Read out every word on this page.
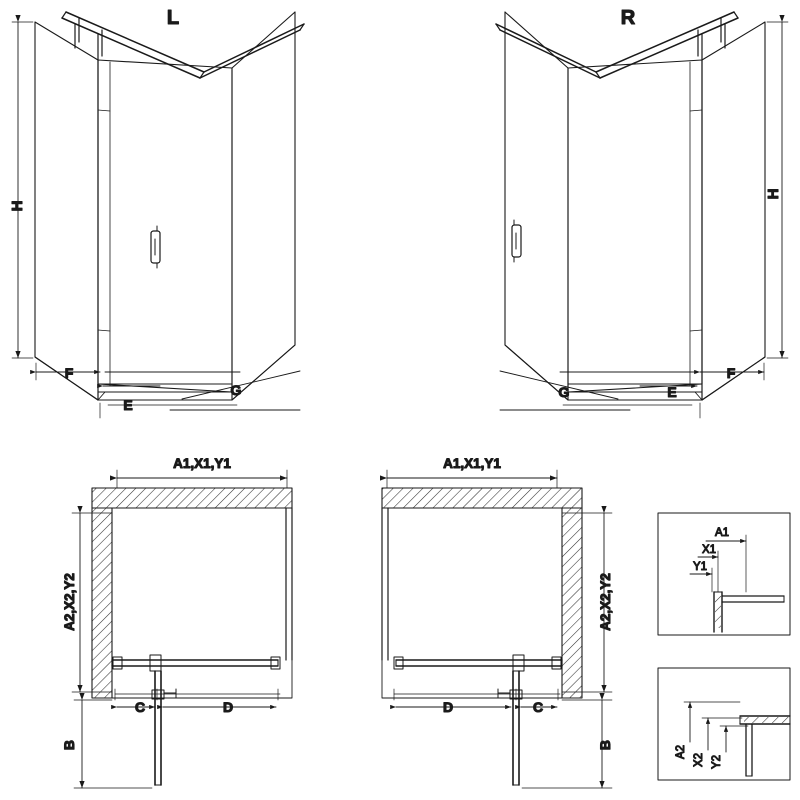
L
H
F
E
G
R
H
F
E
G
A1,X1,Y1
A2,X2,Y2
C	D
B
A1,X1,Y1
A2,X2,Y2
D	C
B
A1
X1
Y1
A2
X2 Y2
